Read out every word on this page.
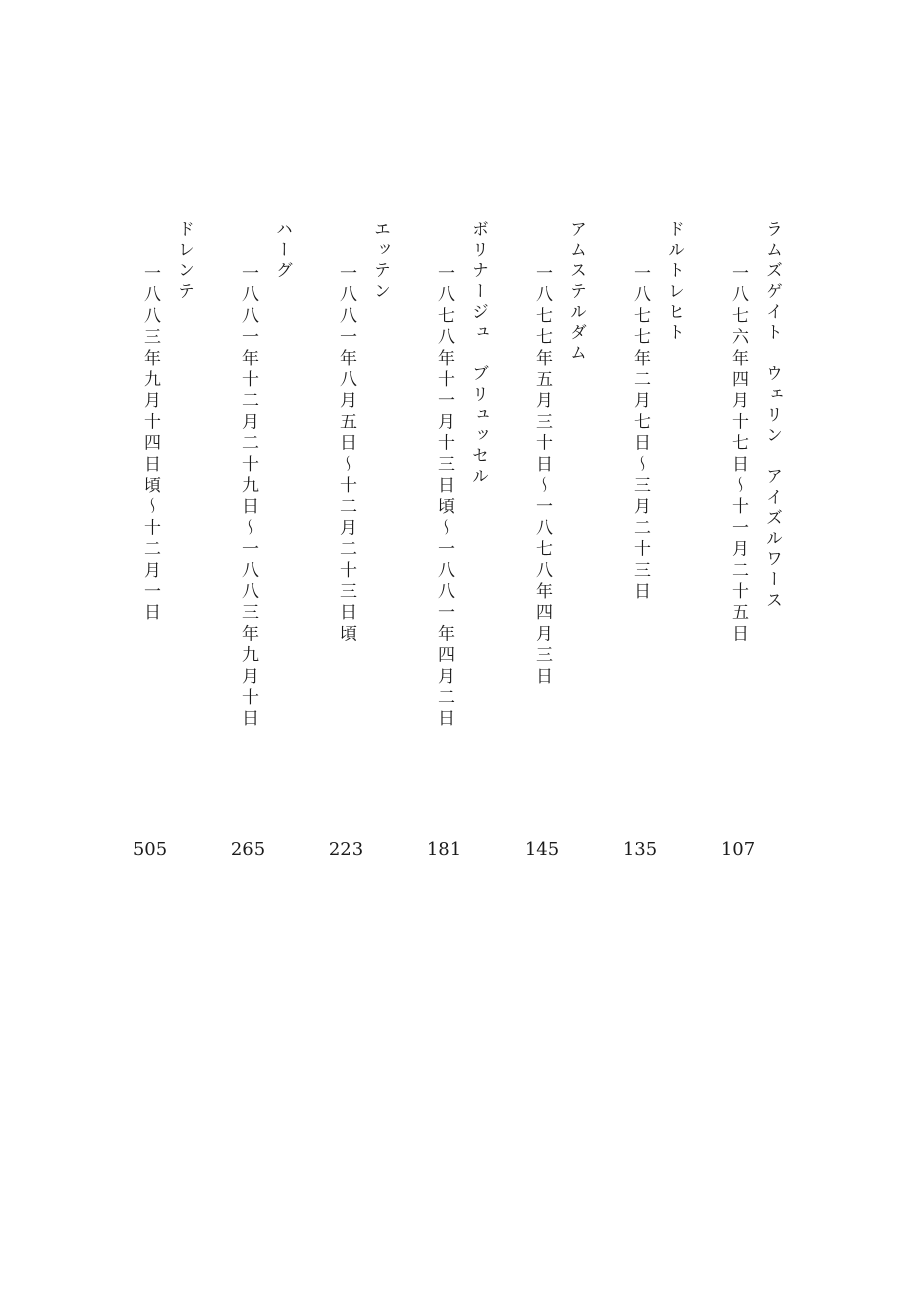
ラムズゲイト　ウェリン　アイズルワース
一八七六年四月十七日〜十一月二十五日
107
ドルトレヒト
一八七七年二月七日〜三月二十三日
135
アムステルダム
一八七七年五月三十日〜一八七八年四月三日
145
ボリナージュ　ブリュッセル
一八七八年十一月十三日頃〜一八八一年四月二日
181
エッテン
一八八一年八月五日〜十二月二十三日頃
223
ハーグ
一八八一年十二月二十九日〜一八八三年九月十日
265
ドレンテ
一八八三年九月十四日頃〜十二月一日
505
